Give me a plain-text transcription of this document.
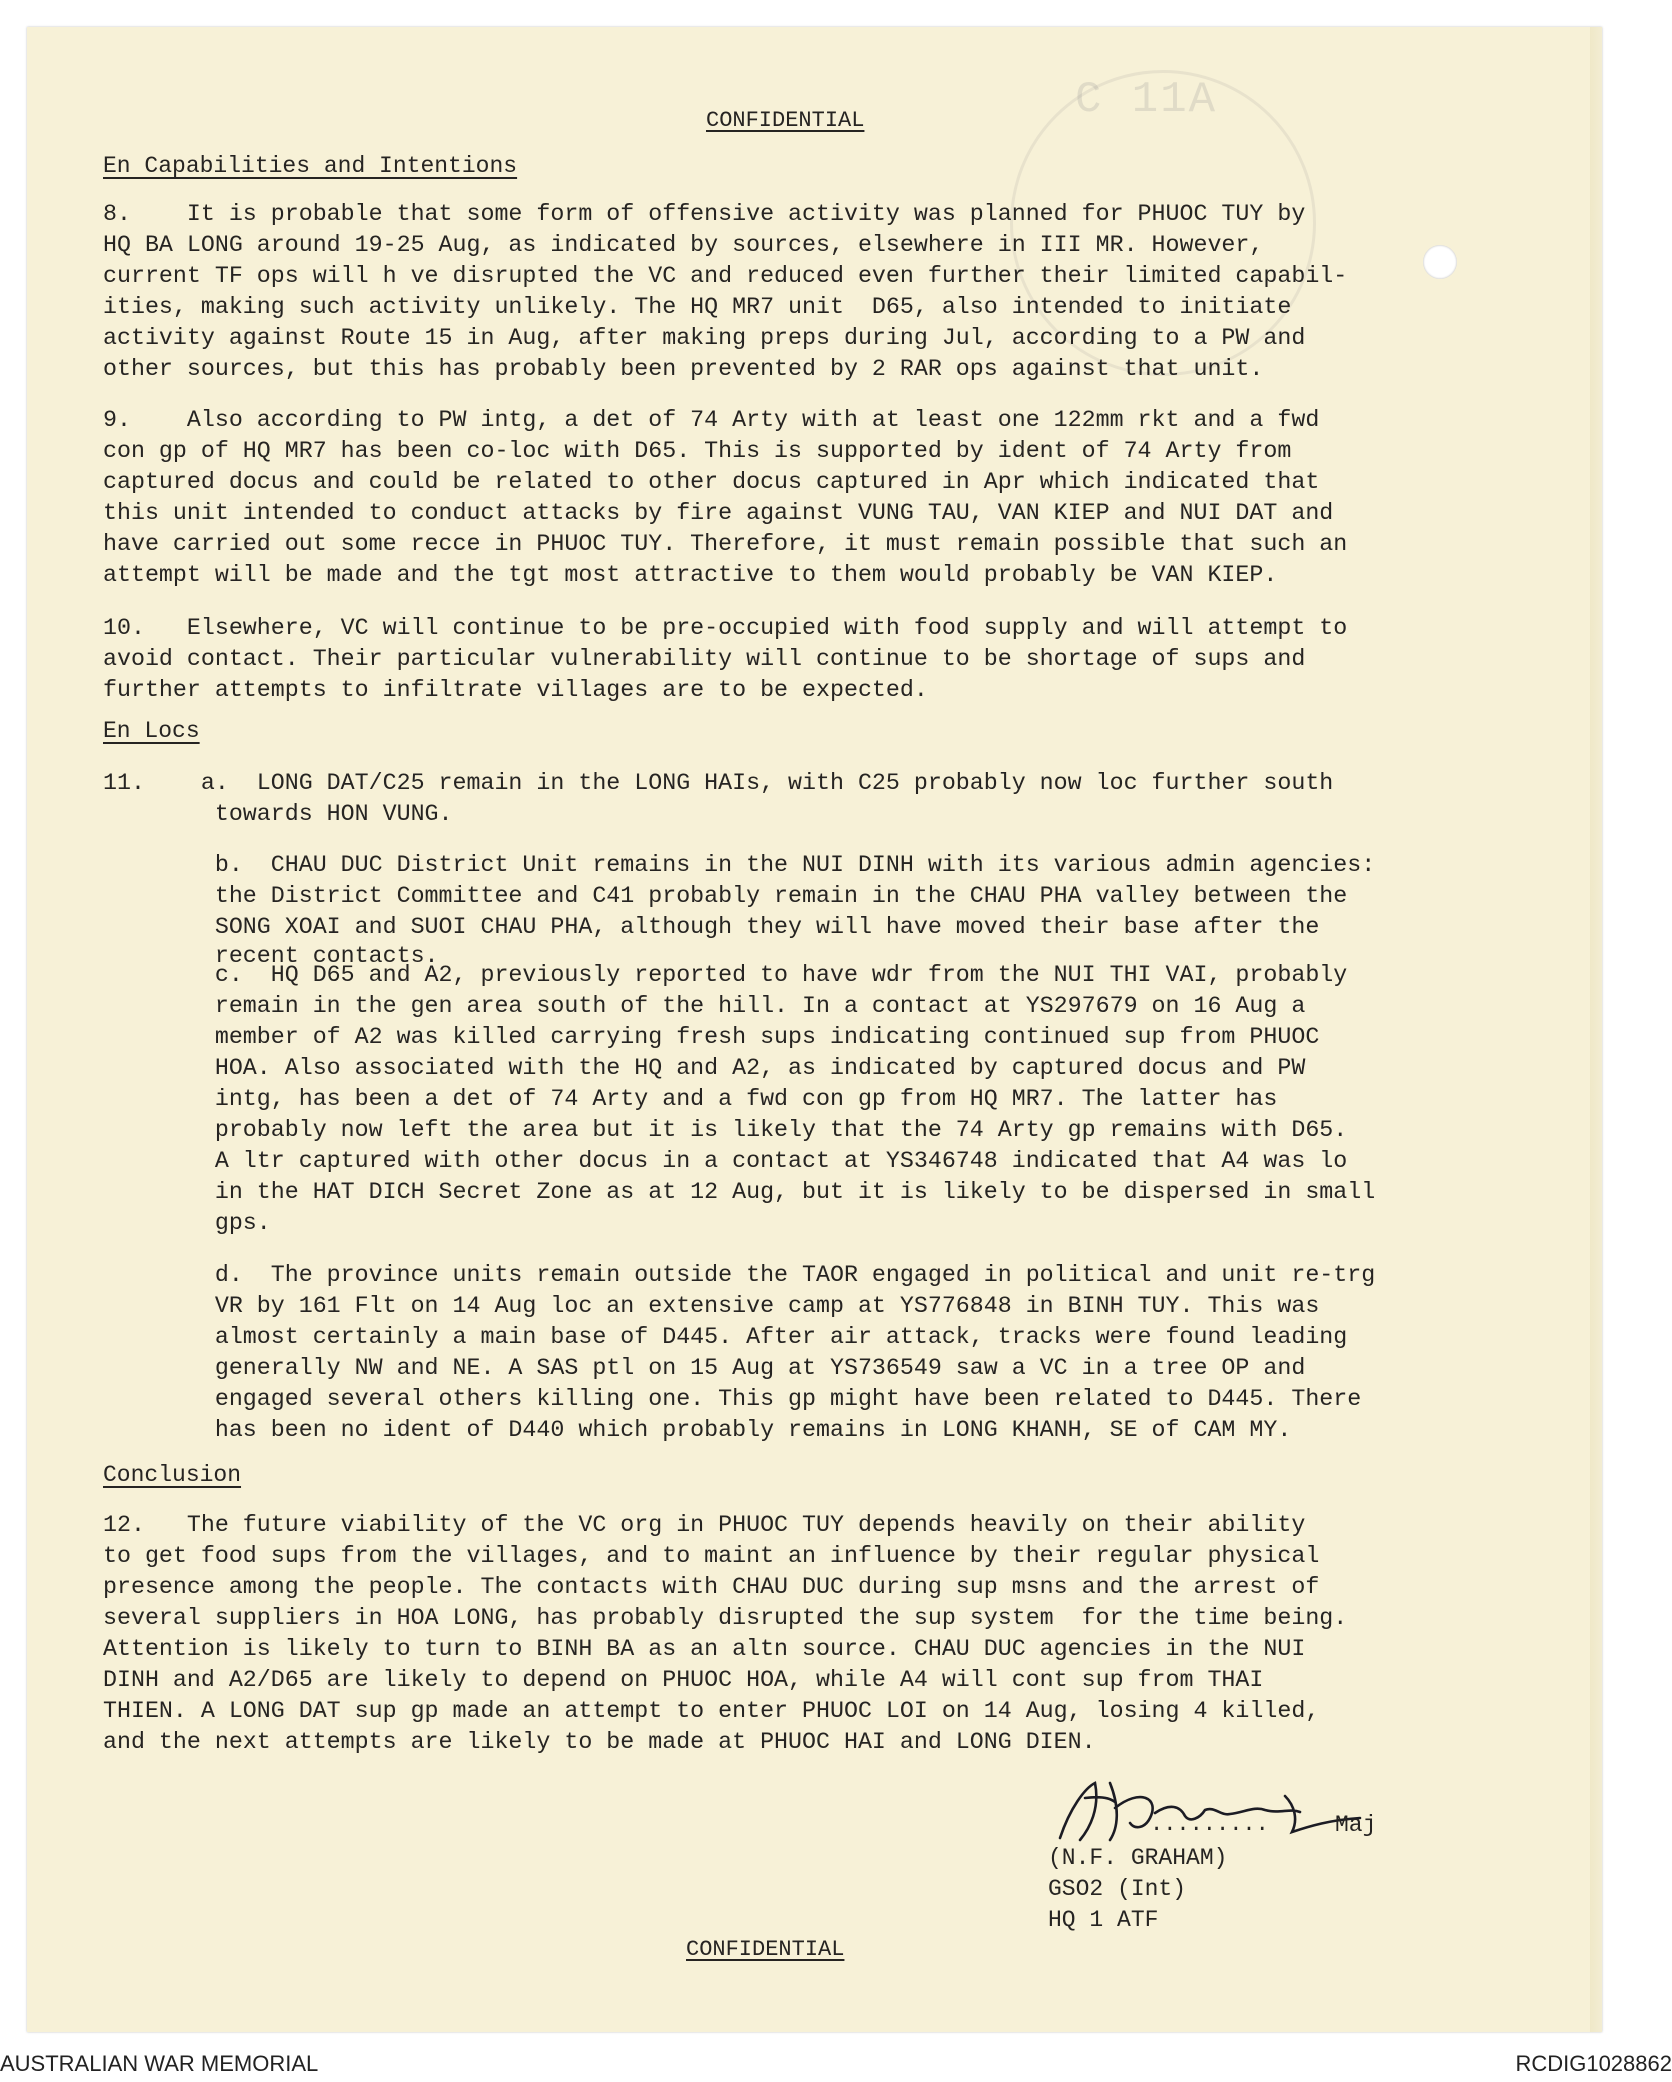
C 11A
CONFIDENTIAL
En Capabilities and Intentions
8.    It is probable that some form of offensive activity was planned for PHUOC TUY by
HQ BA LONG around 19-25 Aug, as indicated by sources, elsewhere in III MR. However,
current TF ops will h ve disrupted the VC and reduced even further their limited capabil-
ities, making such activity unlikely. The HQ MR7 unit  D65, also intended to initiate
activity against Route 15 in Aug, after making preps during Jul, according to a PW and
other sources, but this has probably been prevented by 2 RAR ops against that unit.
9.    Also according to PW intg, a det of 74 Arty with at least one 122mm rkt and a fwd
con gp of HQ MR7 has been co-loc with D65. This is supported by ident of 74 Arty from
captured docus and could be related to other docus captured in Apr which indicated that
this unit intended to conduct attacks by fire against VUNG TAU, VAN KIEP and NUI DAT and
have carried out some recce in PHUOC TUY. Therefore, it must remain possible that such an
attempt will be made and the tgt most attractive to them would probably be VAN KIEP.
10.   Elsewhere, VC will continue to be pre-occupied with food supply and will attempt to
avoid contact. Their particular vulnerability will continue to be shortage of sups and
further attempts to infiltrate villages are to be expected.
En Locs
11.    a.  LONG DAT/C25 remain in the LONG HAIs, with C25 probably now loc further south
towards HON VUNG.
b.  CHAU DUC District Unit remains in the NUI DINH with its various admin agencies:
the District Committee and C41 probably remain in the CHAU PHA valley between the
SONG XOAI and SUOI CHAU PHA, although they will have moved their base after the
recent contacts.
c.  HQ D65 and A2, previously reported to have wdr from the NUI THI VAI, probably
remain in the gen area south of the hill. In a contact at YS297679 on 16 Aug a
member of A2 was killed carrying fresh sups indicating continued sup from PHUOC
HOA. Also associated with the HQ and A2, as indicated by captured docus and PW
intg, has been a det of 74 Arty and a fwd con gp from HQ MR7. The latter has
probably now left the area but it is likely that the 74 Arty gp remains with D65.
A ltr captured with other docus in a contact at YS346748 indicated that A4 was lo
in the HAT DICH Secret Zone as at 12 Aug, but it is likely to be dispersed in small
gps.
d.  The province units remain outside the TAOR engaged in political and unit re-trg
VR by 161 Flt on 14 Aug loc an extensive camp at YS776848 in BINH TUY. This was
almost certainly a main base of D445. After air attack, tracks were found leading
generally NW and NE. A SAS ptl on 15 Aug at YS736549 saw a VC in a tree OP and
engaged several others killing one. This gp might have been related to D445. There
has been no ident of D440 which probably remains in LONG KHANH, SE of CAM MY.
Conclusion
12.   The future viability of the VC org in PHUOC TUY depends heavily on their ability
to get food sups from the villages, and to maint an influence by their regular physical
presence among the people. The contacts with CHAU DUC during sup msns and the arrest of
several suppliers in HOA LONG, has probably disrupted the sup system  for the time being.
Attention is likely to turn to BINH BA as an altn source. CHAU DUC agencies in the NUI
DINH and A2/D65 are likely to depend on PHUOC HOA, while A4 will cont sup from THAI
THIEN. A LONG DAT sup gp made an attempt to enter PHUOC LOI on 14 Aug, losing 4 killed,
and the next attempts are likely to be made at PHUOC HAI and LONG DIEN.
.........	Maj
(N.F. GRAHAM)
GSO2 (Int)
HQ 1 ATF
CONFIDENTIAL
AUSTRALIAN WAR MEMORIAL	RCDIG1028862
